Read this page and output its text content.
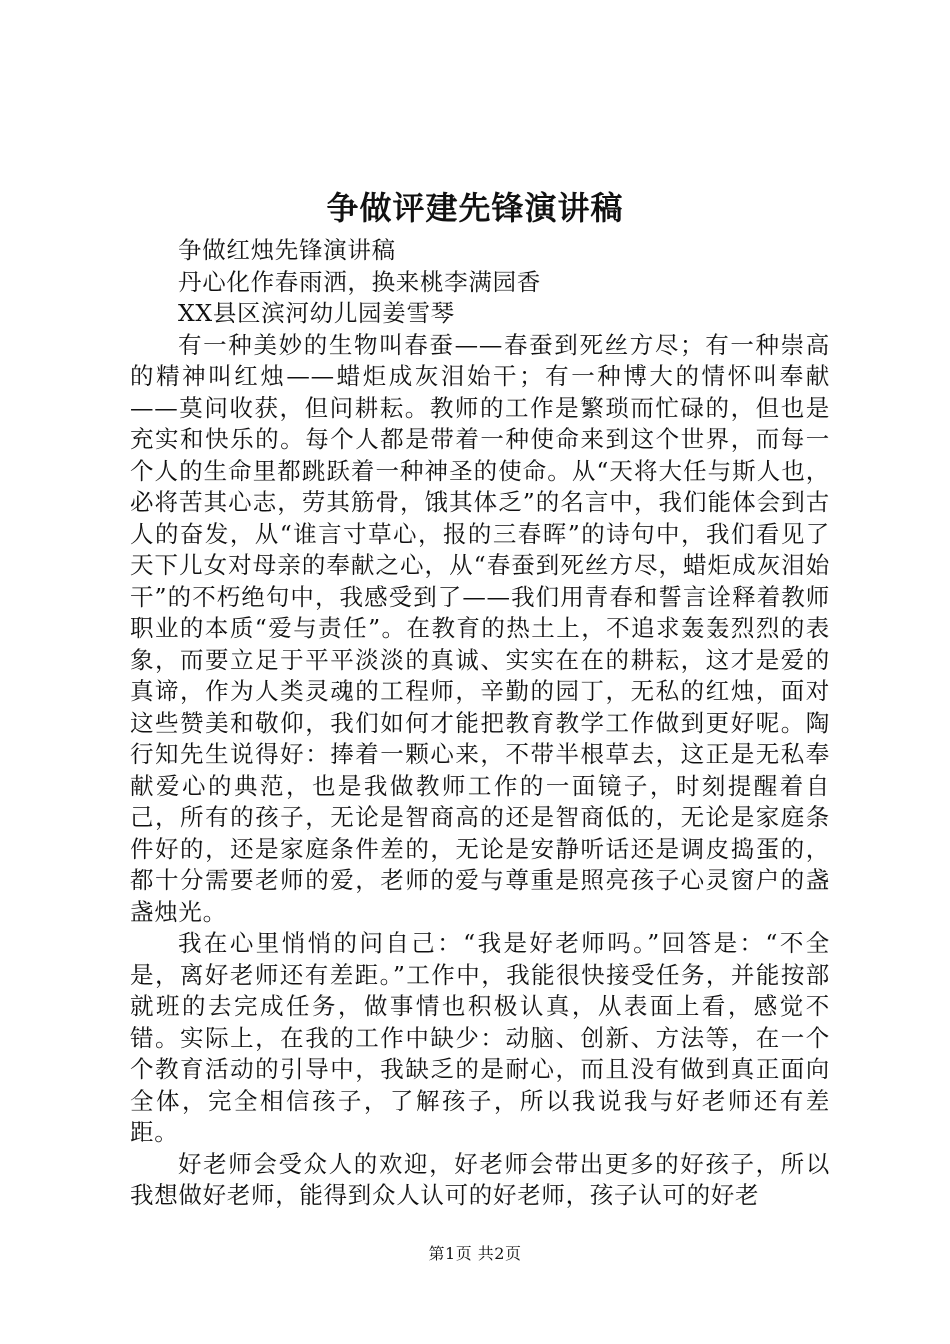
争做评建先锋演讲稿

争做红烛先锋演讲稿

丹心化作春雨洒，换来桃李满园香

XX县区滨河幼儿园姜雪琴

有一种美妙的生物叫春蚕——春蚕到死丝方尽；有一种崇高的精神叫红烛——蜡炬成灰泪始干；有一种博大的情怀叫奉献——莫问收获，但问耕耘。教师的工作是繁琐而忙碌的，但也是充实和快乐的。每个人都是带着一种使命来到这个世界，而每一个人的生命里都跳跃着一种神圣的使命。从“天将大任与斯人也，必将苦其心志，劳其筋骨，饿其体乏”的名言中，我们能体会到古人的奋发，从“谁言寸草心，报的三春晖”的诗句中，我们看见了天下儿女对母亲的奉献之心，从“春蚕到死丝方尽，蜡炬成灰泪始干”的不朽绝句中，我感受到了——我们用青春和誓言诠释着教师职业的本质“爱与责任”。在教育的热土上，不追求轰轰烈烈的表象，而要立足于平平淡淡的真诚、实实在在的耕耘，这才是爱的真谛，作为人类灵魂的工程师，辛勤的园丁，无私的红烛，面对这些赞美和敬仰，我们如何才能把教育教学工作做到更好呢。陶行知先生说得好：捧着一颗心来，不带半根草去，这正是无私奉献爱心的典范，也是我做教师工作的一面镜子，时刻提醒着自己，所有的孩子，无论是智商高的还是智商低的，无论是家庭条件好的，还是家庭条件差的，无论是安静听话还是调皮捣蛋的，都十分需要老师的爱，老师的爱与尊重是照亮孩子心灵窗户的盏盏烛光。

我在心里悄悄的问自己：“我是好老师吗。”回答是：“不全是，离好老师还有差距。”工作中，我能很快接受任务，并能按部就班的去完成任务，做事情也积极认真，从表面上看，感觉不错。实际上，在我的工作中缺少：动脑、创新、方法等，在一个个教育活动的引导中，我缺乏的是耐心，而且没有做到真正面向全体，完全相信孩子，了解孩子，所以我说我与好老师还有差距。

好老师会受众人的欢迎，好老师会带出更多的好孩子，所以我想做好老师，能得到众人认可的好老师，孩子认可的好老

第1页 共2页
